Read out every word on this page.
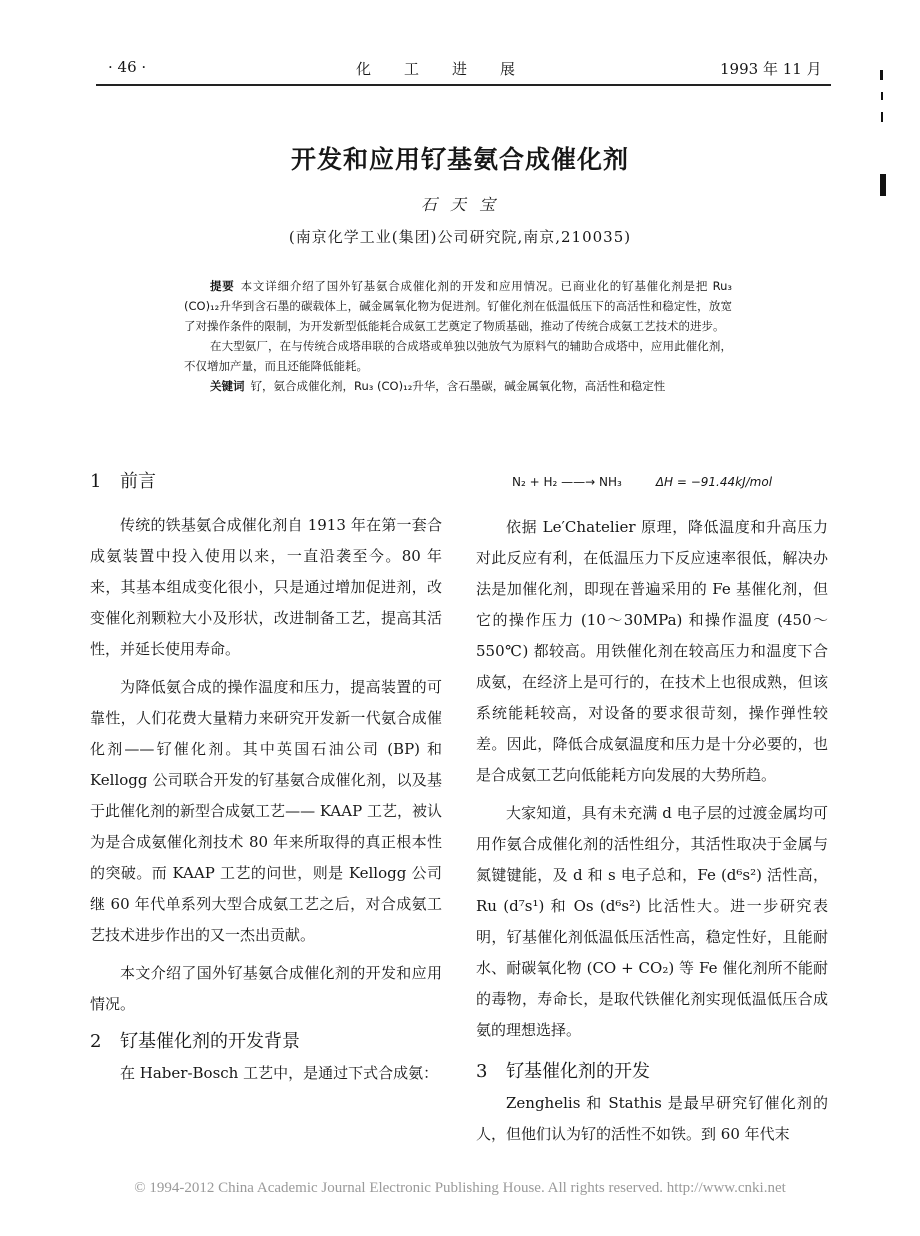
· 46 ·	化 工 进 展	1993 年 11 月
开发和应用钌基氨合成催化剂
石 天 宝
(南京化学工业(集团)公司研究院,南京,210035)

提要 本文详细介绍了国外钌基氨合成催化剂的开发和应用情况。已商业化的钌基催化剂是把 Ru₃ (CO)₁₂升华到含石墨的碳载体上，碱金属氧化物为促进剂。钌催化剂在低温低压下的高活性和稳定性，放宽了对操作条件的限制，为开发新型低能耗合成氨工艺奠定了物质基础，推动了传统合成氨工艺技术的进步。

在大型氨厂，在与传统合成塔串联的合成塔或单独以弛放气为原料气的辅助合成塔中，应用此催化剂，不仅增加产量，而且还能降低能耗。

关键词 钌，氨合成催化剂，Ru₃ (CO)₁₂升华，含石墨碳，碱金属氧化物，高活性和稳定性

1 前言

传统的铁基氨合成催化剂自 1913 年在第一套合成氨装置中投入使用以来，一直沿袭至今。80 年来，其基本组成变化很小，只是通过增加促进剂，改变催化剂颗粒大小及形状，改进制备工艺，提高其活性，并延长使用寿命。

为降低氨合成的操作温度和压力，提高装置的可靠性，人们花费大量精力来研究开发新一代氨合成催化剂——钌催化剂。其中英国石油公司 (BP) 和 Kellogg 公司联合开发的钌基氨合成催化剂，以及基于此催化剂的新型合成氨工艺—— KAAP 工艺，被认为是合成氨催化剂技术 80 年来所取得的真正根本性的突破。而 KAAP 工艺的问世，则是 Kellogg 公司继 60 年代单系列大型合成氨工艺之后，对合成氨工艺技术进步作出的又一杰出贡献。

本文介绍了国外钌基氨合成催化剂的开发和应用情况。

2 钌基催化剂的开发背景

在 Haber-Bosch 工艺中，是通过下式合成氨：

N₂ + H₂ ——→ NH₃	ΔH = −91.44kJ/mol

依据 Le′Chatelier 原理，降低温度和升高压力对此反应有利，在低温压力下反应速率很低，解决办法是加催化剂，即现在普遍采用的 Fe 基催化剂，但它的操作压力 (10～30MPa) 和操作温度 (450～550℃) 都较高。用铁催化剂在较高压力和温度下合成氨，在经济上是可行的，在技术上也很成熟，但该系统能耗较高，对设备的要求很苛刻，操作弹性较差。因此，降低合成氨温度和压力是十分必要的，也是合成氨工艺向低能耗方向发展的大势所趋。

大家知道，具有未充满 d 电子层的过渡金属均可用作氨合成催化剂的活性组分，其活性取决于金属与氮键键能，及 d 和 s 电子总和，Fe (d⁶s²) 活性高，Ru (d⁷s¹) 和 Os (d⁶s²) 比活性大。进一步研究表明，钌基催化剂低温低压活性高，稳定性好，且能耐水、耐碳氧化物 (CO + CO₂) 等 Fe 催化剂所不能耐的毒物，寿命长，是取代铁催化剂实现低温低压合成氨的理想选择。

3 钌基催化剂的开发

Zenghelis 和 Stathis 是最早研究钌催化剂的人，但他们认为钌的活性不如铁。到 60 年代末

© 1994-2012 China Academic Journal Electronic Publishing House. All rights reserved. http://www.cnki.net
